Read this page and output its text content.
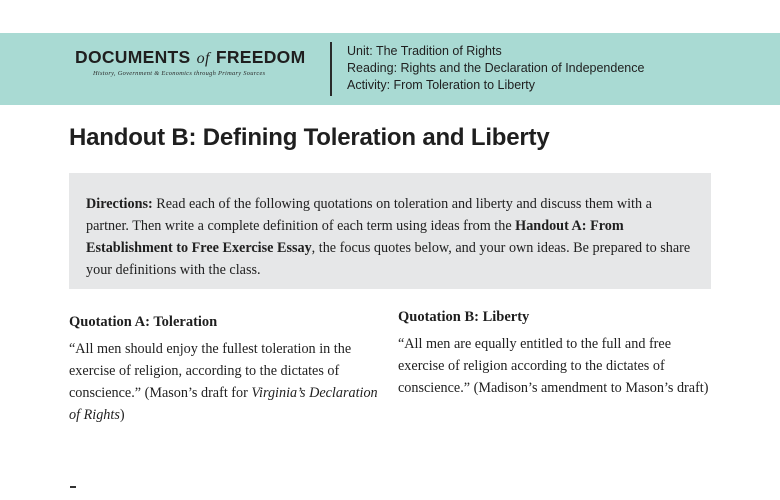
DOCUMENTS of FREEDOM
History, Government & Economics through Primary Sources
Unit: The Tradition of Rights
Reading: Rights and the Declaration of Independence
Activity: From Toleration to Liberty
Handout B: Defining Toleration and Liberty
Directions: Read each of the following quotations on toleration and liberty and discuss them with a partner. Then write a complete definition of each term using ideas from the Handout A: From Establishment to Free Exercise Essay, the focus quotes below, and your own ideas. Be prepared to share your definitions with the class.
Quotation A: Toleration

“All men should enjoy the fullest toleration in the exercise of religion, according to the dictates of conscience.” (Mason’s draft for Virginia’s Declaration of Rights)

Quotation B: Liberty

“All men are equally entitled to the full and free exercise of religion according to the dictates of conscience.” (Madison’s amendment to Mason’s draft)
